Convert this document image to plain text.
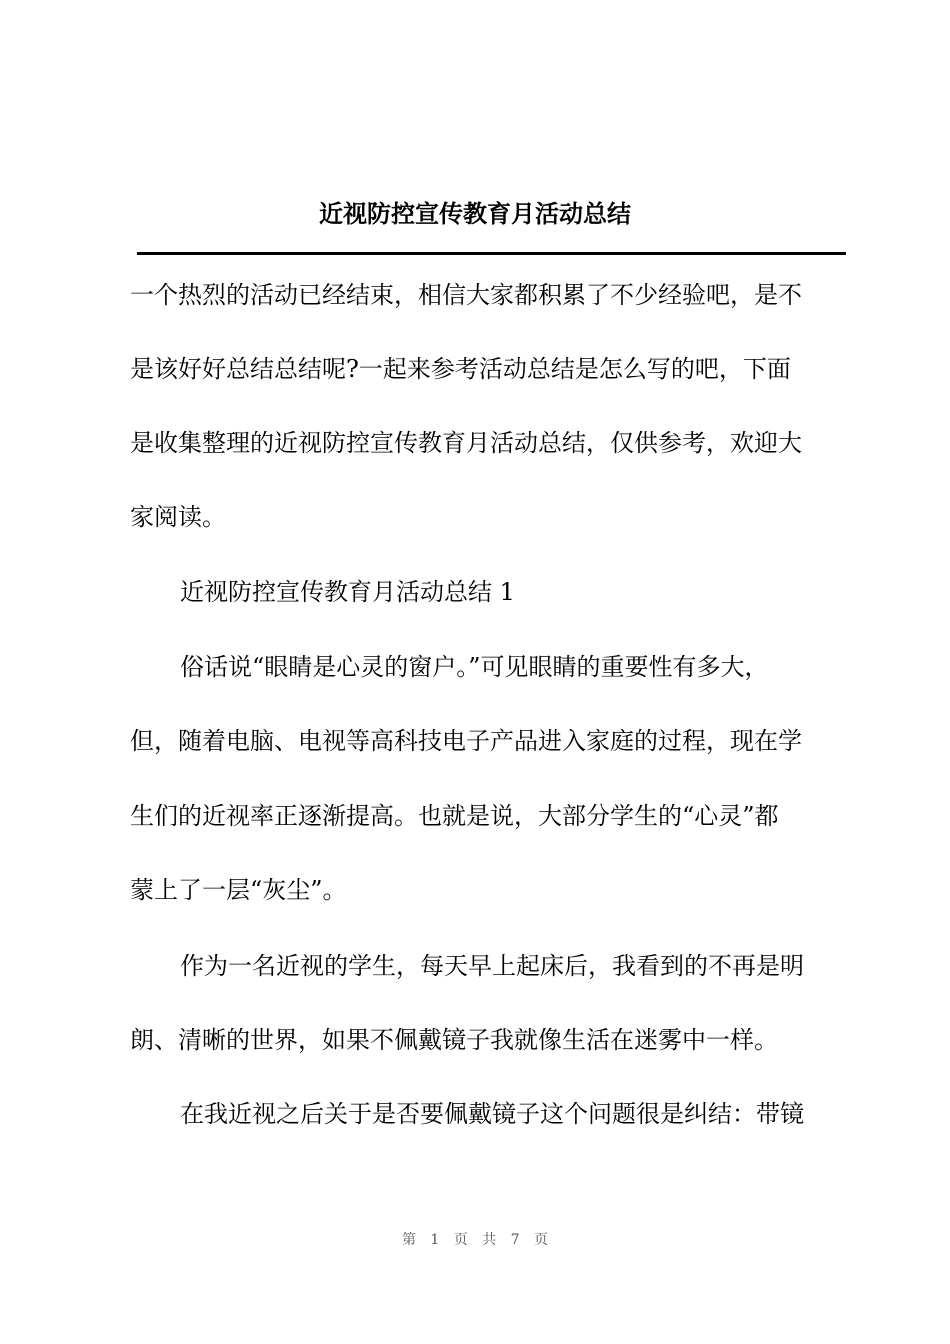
近视防控宣传教育月活动总结

一个热烈的活动已经结束，相信大家都积累了不少经验吧，是不

是该好好总结总结呢?一起来参考活动总结是怎么写的吧，下面

是收集整理的近视防控宣传教育月活动总结，仅供参考，欢迎大

家阅读。

近视防控宣传教育月活动总结 1

俗话说“眼睛是心灵的窗户。”可见眼睛的重要性有多大，

但，随着电脑、电视等高科技电子产品进入家庭的过程，现在学

生们的近视率正逐渐提高。也就是说，大部分学生的“心灵”都

蒙上了一层“灰尘”。

作为一名近视的学生，每天早上起床后，我看到的不再是明

朗、清晰的世界，如果不佩戴镜子我就像生活在迷雾中一样。

在我近视之后关于是否要佩戴镜子这个问题很是纠结：带镜

第 1 页 共 7 页
